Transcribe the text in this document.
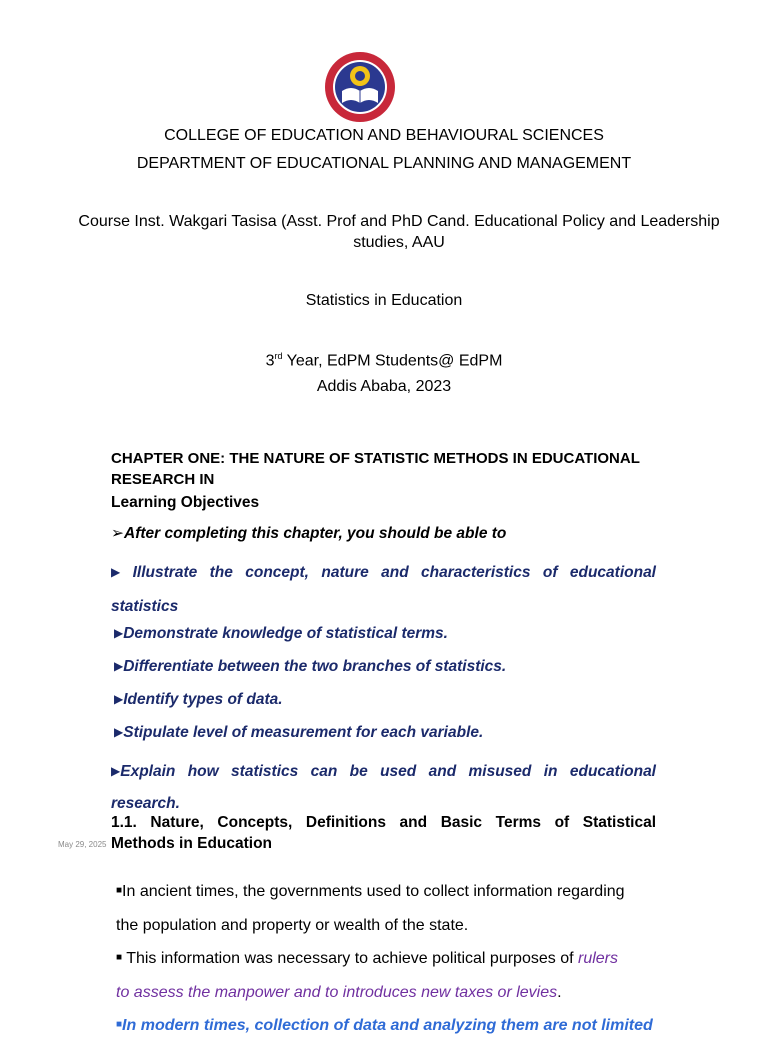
COLLEGE OF EDUCATION AND BEHAVIOURAL SCIENCES
DEPARTMENT OF EDUCATIONAL PLANNING AND MANAGEMENT
Course Inst. Wakgari Tasisa (Asst. Prof and PhD Cand. Educational Policy and Leadership
studies, AAU
Statistics in Education
3rd Year, EdPM Students@ EdPM
Addis Ababa, 2023
CHAPTER ONE: THE NATURE OF STATISTIC METHODS IN EDUCATIONAL
RESEARCH IN
Learning Objectives
➢After completing this chapter, you should be able to
▶ Illustrate the concept, nature and characteristics of educational
statistics
▶Demonstrate knowledge of statistical terms.
▶Differentiate between the two branches of statistics.
▶Identify types of data.
▶Stipulate level of measurement for each variable.
▶Explain how statistics can be used and misused in educational
research.
1.1. Nature, Concepts, Definitions and Basic Terms of Statistical
Methods in Education
May 29, 2025
■In ancient times, the governments used to collect information regarding
the population and property or wealth of the state.
■ This information was necessary to achieve political purposes of rulers
to assess the manpower and to introduces new taxes or levies.
■In modern times, collection of data and analyzing them are not limited
